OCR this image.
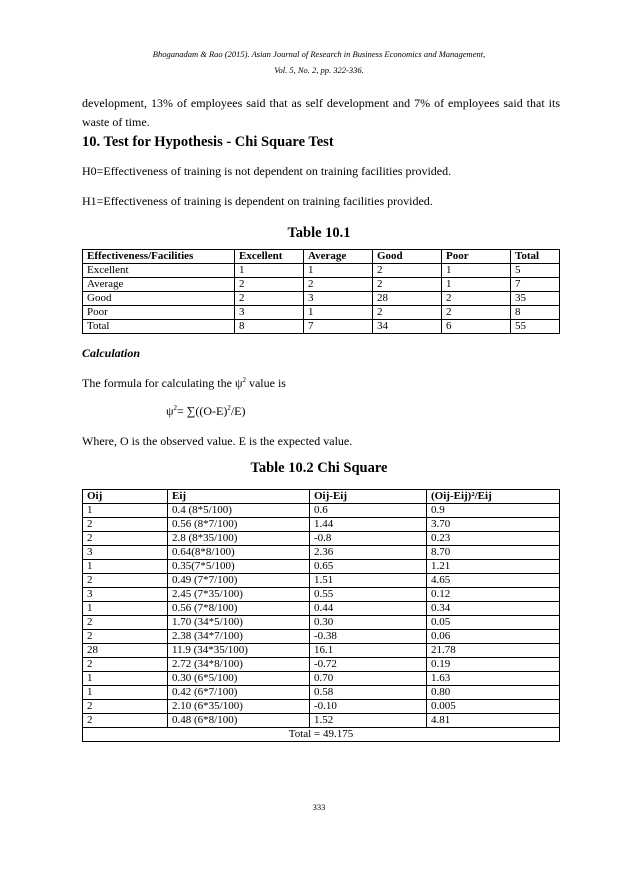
Bhoganadam & Rao (2015). Asian Journal of Research in Business Economics and Management,
Vol. 5, No. 2, pp. 322-336.
development, 13% of employees said that as self development and 7% of employees said that its waste of time.
10. Test for Hypothesis - Chi Square Test
H0=Effectiveness of training is not dependent on training facilities provided.
H1=Effectiveness of training is dependent on training facilities provided.
Table 10.1
Effectiveness/Facilities	Excellent	Average	Good	Poor	Total
Excellent	1	1	2	1	5
Average	2	2	2	1	7
Good	2	3	28	2	35
Poor	3	1	2	2	8
Total	8	7	34	6	55
Calculation
The formula for calculating the $\psi^2$ value is
$\psi^2= \sum((O-E)^2/E)$
Where, O is the observed value. E is the expected value.
Table 10.2 Chi Square
Oij	Eij	Oij-Eij	(Oij-Eij)²/Eij
1	0.4 (8*5/100)	0.6	0.9
2	0.56 (8*7/100)	1.44	3.70
2	2.8 (8*35/100)	-0.8	0.23
3	0.64(8*8/100)	2.36	8.70
1	0.35(7*5/100)	0.65	1.21
2	0.49 (7*7/100)	1.51	4.65
3	2.45 (7*35/100)	0.55	0.12
1	0.56 (7*8/100)	0.44	0.34
2	1.70 (34*5/100)	0.30	0.05
2	2.38 (34*7/100)	-0.38	0.06
28	11.9 (34*35/100)	16.1	21.78
2	2.72 (34*8/100)	-0.72	0.19
1	0.30 (6*5/100)	0.70	1.63
1	0.42 (6*7/100)	0.58	0.80
2	2.10 (6*35/100)	-0.10	0.005
2	0.48 (6*8/100)	1.52	4.81
Total = 49.175			
333
